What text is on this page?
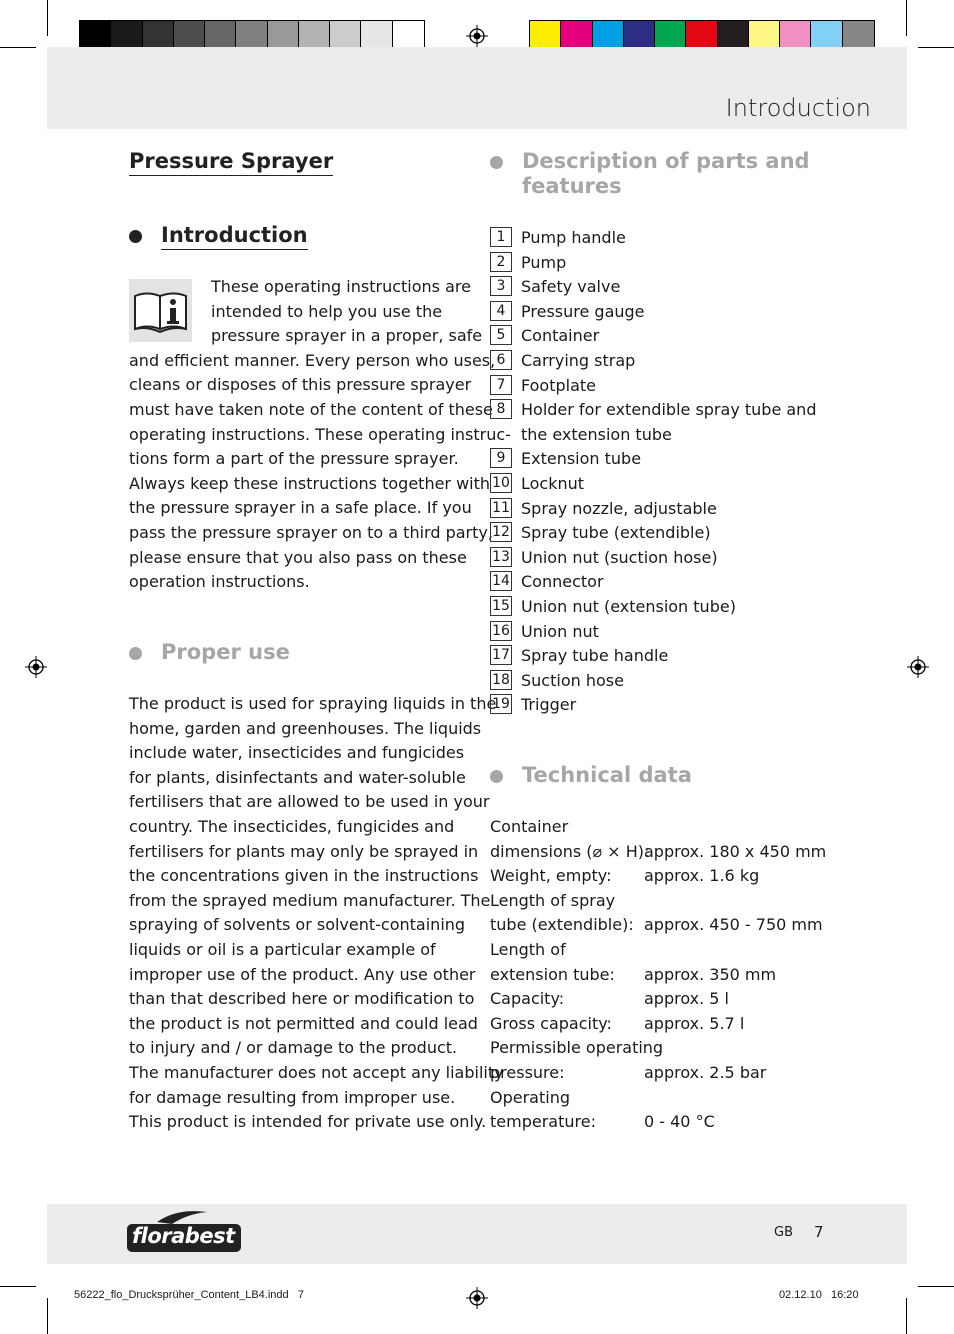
Introduction
Pressure Sprayer
Introduction
These operating instructions are
intended to help you use the
pressure sprayer in a proper, safe
and efficient manner. Every person who uses,
cleans or disposes of this pressure sprayer
must have taken note of the content of these
operating instructions. These operating instruc-
tions form a part of the pressure sprayer.
Always keep these instructions together with
the pressure sprayer in a safe place. If you
pass the pressure sprayer on to a third party,
please ensure that you also pass on these
operation instructions.
Proper use
The product is used for spraying liquids in the
home, garden and greenhouses. The liquids
include water, insecticides and fungicides
for plants, disinfectants and water-soluble
fertilisers that are allowed to be used in your
country. The insecticides, fungicides and
fertilisers for plants may only be sprayed in
the concentrations given in the instructions
from the sprayed medium manufacturer. The
spraying of solvents or solvent-containing
liquids or oil is a particular example of
improper use of the product. Any use other
than that described here or modification to
the product is not permitted and could lead
to injury and / or damage to the product.
The manufacturer does not accept any liability
for damage resulting from improper use.
This product is intended for private use only.
Description of parts and
features
1 Pump handle
2 Pump
3 Safety valve
4 Pressure gauge
5 Container
6 Carrying strap
7 Footplate
8 Holder for extendible spray tube and
the extension tube
9 Extension tube
10 Locknut
11 Spray nozzle, adjustable
12 Spray tube (extendible)
13 Union nut (suction hose)
14 Connector
15 Union nut (extension tube)
16 Union nut
17 Spray tube handle
18 Suction hose
19 Trigger
Technical data
Container
dimensions (⌀ × H):
approx. 180 x 450 mm
Weight, empty:	approx. 1.6 kg
Length of spray
tube (extendible): approx. 450 - 750 mm
Length of
extension tube:	approx. 350 mm
Capacity:	approx. 5 l
Gross capacity:	approx. 5.7 l
Permissible operating
pressure:	approx. 2.5 bar
Operating
temperature:	0 - 40 °C
florabest	GB 7
56222_flo_Drucksprüher_Content_LB4.indd   7	02.12.10   16:20
